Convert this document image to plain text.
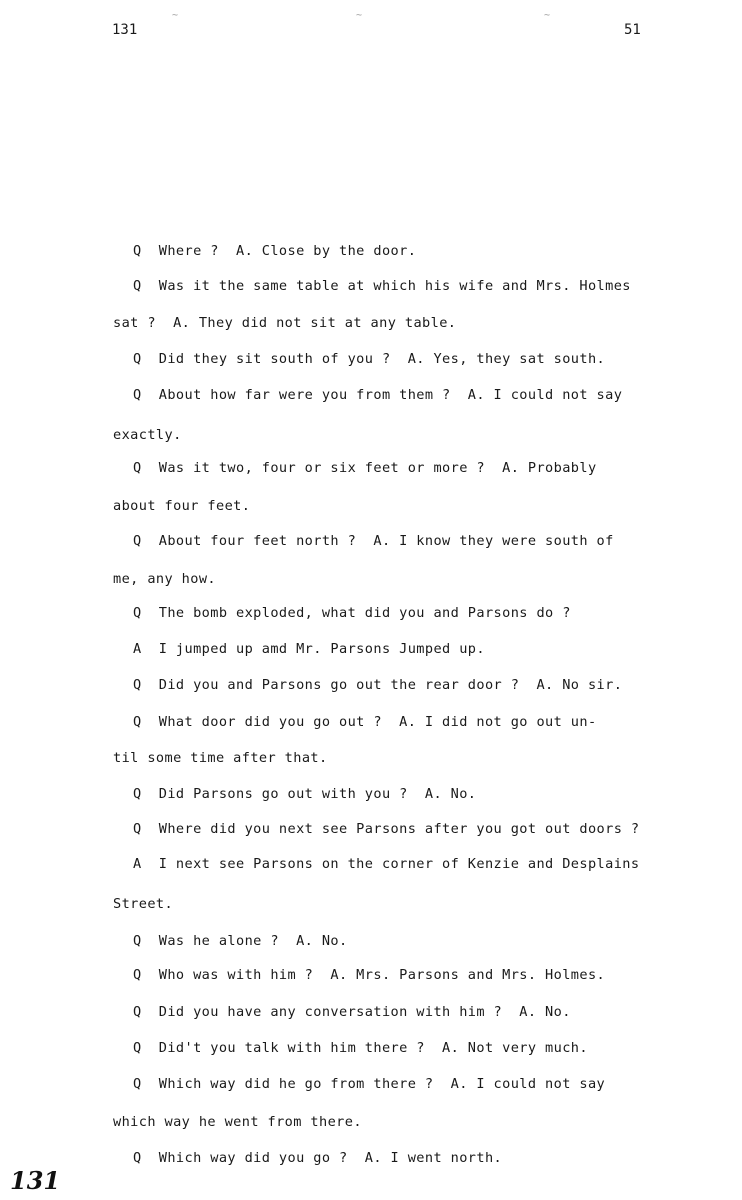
131	51
~	~	~
Q  Where ?  A. Close by the door.
Q  Was it the same table at which his wife and Mrs. Holmes
sat ?  A. They did not sit at any table.
Q  Did they sit south of you ?  A. Yes, they sat south.
Q  About how far were you from them ?  A. I could not say
exactly.
Q  Was it two, four or six feet or more ?  A. Probably
about four feet.
Q  About four feet north ?  A. I know they were south of
me, any how.
Q  The bomb exploded, what did you and Parsons do ?
A  I jumped up amd Mr. Parsons Jumped up.
Q  Did you and Parsons go out the rear door ?  A. No sir.
Q  What door did you go out ?  A. I did not go out un-
til some time after that.
Q  Did Parsons go out with you ?  A. No.
Q  Where did you next see Parsons after you got out doors ?
A  I next see Parsons on the corner of Kenzie and Desplains
Street.
Q  Was he alone ?  A. No.
Q  Who was with him ?  A. Mrs. Parsons and Mrs. Holmes.
Q  Did you have any conversation with him ?  A. No.
Q  Did't you talk with him there ?  A. Not very much.
Q  Which way did he go from there ?  A. I could not say
which way he went from there.
Q  Which way did you go ?  A. I went north.
131
